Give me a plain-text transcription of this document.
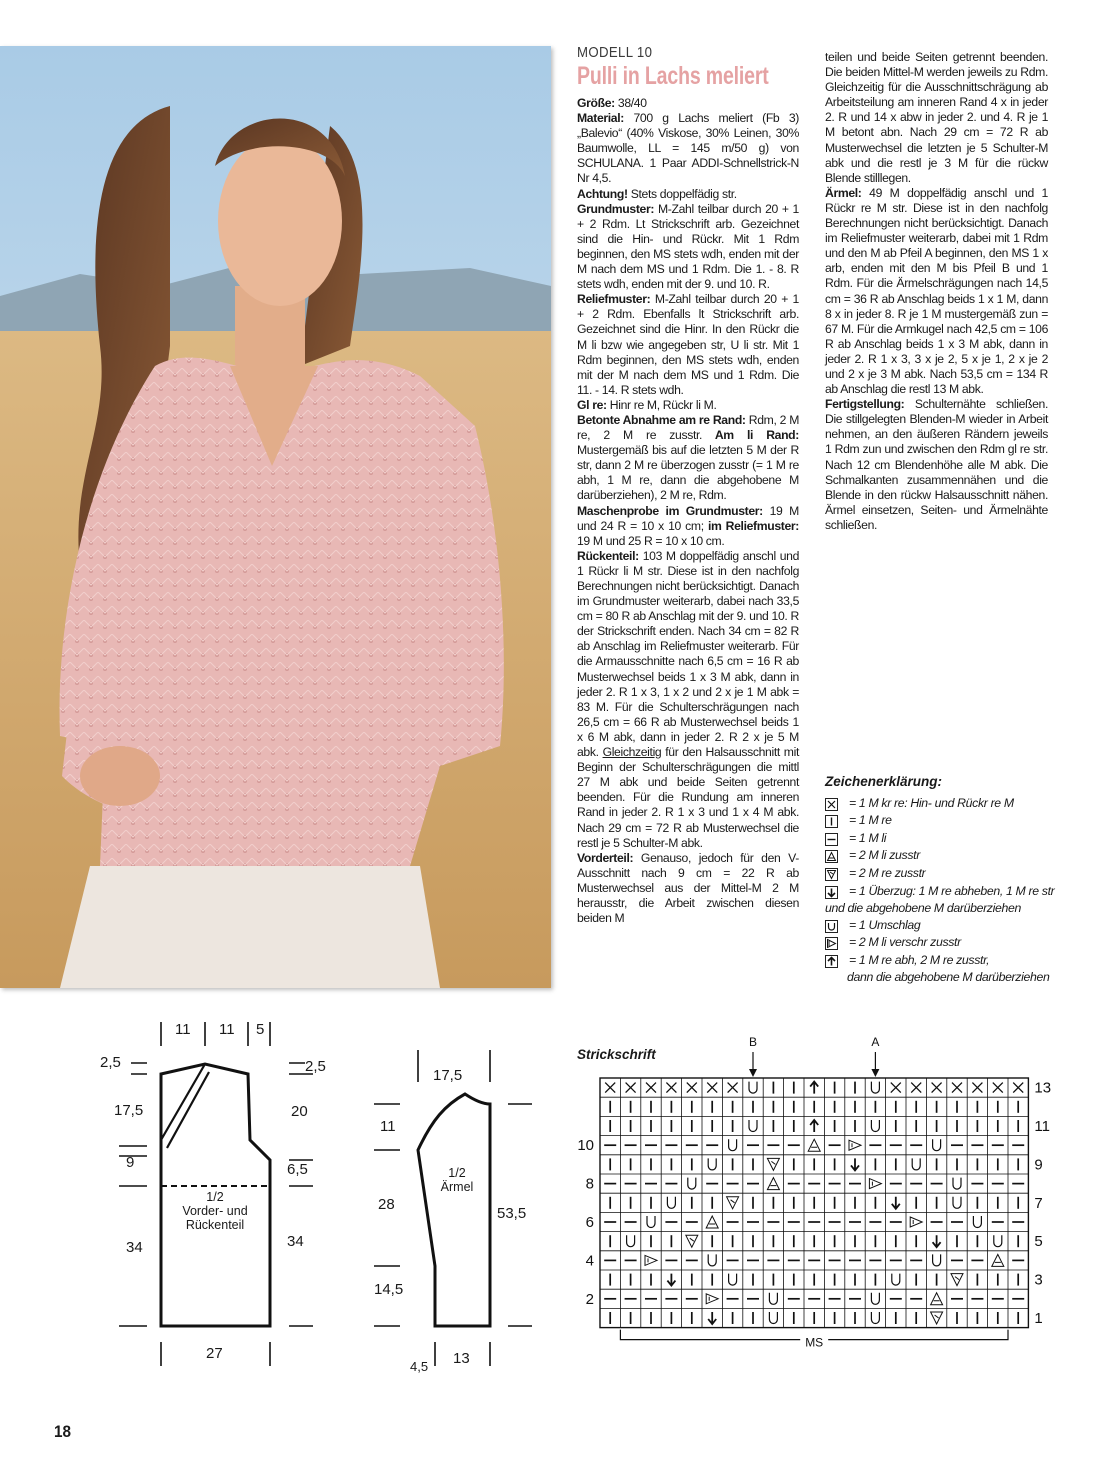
MODELL 10
Pulli in Lachs meliert

Größe: 38/40

Material: 700 g Lachs meliert (Fb 3) „Balevio“ (40% Viskose, 30% Leinen, 30% Baumwolle, LL = 145 m/50 g) von SCHULANA. 1 Paar ADDI-Schnellstrick-N Nr 4,5.

Achtung! Stets doppelfädig str.

Grundmuster: M-Zahl teilbar durch 20 + 1 + 2 Rdm. Lt Strickschrift arb. Gezeichnet sind die Hin- und Rückr. Mit 1 Rdm beginnen, den MS stets wdh, enden mit der M nach dem MS und 1 Rdm. Die 1. - 8. R stets wdh, enden mit der 9. und 10. R.

Reliefmuster: M-Zahl teilbar durch 20 + 1 + 2 Rdm. Ebenfalls lt Strickschrift arb. Gezeichnet sind die Hinr. In den Rückr die M li bzw wie angegeben str, U li str. Mit 1 Rdm beginnen, den MS stets wdh, enden mit der M nach dem MS und 1 Rdm. Die 11. - 14. R stets wdh.

Gl re: Hinr re M, Rückr li M.

Betonte Abnahme am re Rand: Rdm, 2 M re, 2 M re zusstr. Am li Rand: Mustergemäß bis auf die letzten 5 M der R str, dann 2 M re überzogen zusstr (= 1 M re abh, 1 M re, dann die abgehobene M darüberziehen), 2 M re, Rdm.

Maschenprobe im Grundmuster: 19 M und 24 R = 10 x 10 cm; im Reliefmuster: 19 M und 25 R = 10 x 10 cm.

Rückenteil: 103 M doppelfädig anschl und 1 Rückr li M str. Diese ist in den nachfolg Berechnungen nicht berücksichtigt. Danach im Grundmuster weiterarb, dabei nach 33,5 cm = 80 R ab Anschlag mit der 9. und 10. R der Strickschrift enden. Nach 34 cm = 82 R ab Anschlag im Reliefmuster weiterarb. Für die Armausschnitte nach 6,5 cm = 16 R ab Musterwechsel beids 1 x 3 M abk, dann in jeder 2. R 1 x 3, 1 x 2 und 2 x je 1 M abk = 83 M. Für die Schulterschrägungen nach 26,5 cm = 66 R ab Musterwechsel beids 1 x 6 M abk, dann in jeder 2. R 2 x je 5 M abk. Gleichzeitig für den Halsausschnitt mit Beginn der Schulterschrägungen die mittl 27 M abk und beide Seiten getrennt beenden. Für die Rundung am inneren Rand in jeder 2. R 1 x 3 und 1 x 4 M abk. Nach 29 cm = 72 R ab Musterwechsel die restl je 5 Schulter-M abk.

Vorderteil: Genauso, jedoch für den V-Ausschnitt nach 9 cm = 22 R ab Musterwechsel aus der Mittel-M 2 M herausstr, die Arbeit zwischen diesen beiden M

teilen und beide Seiten getrennt beenden. Die beiden Mittel-M werden jeweils zu Rdm. Gleichzeitig für die Ausschnittschrägung ab Arbeitsteilung am inneren Rand 4 x in jeder 2. R und 14 x abw in jeder 2. und 4. R je 1 M betont abn. Nach 29 cm = 72 R ab Musterwechsel die letzten je 5 Schulter-M abk und die restl je 3 M für die rückw Blende stilllegen.

Ärmel: 49 M doppelfädig anschl und 1 Rückr re M str. Diese ist in den nachfolg Berechnungen nicht berücksichtigt. Danach im Reliefmuster weiterarb, dabei mit 1 Rdm und den M ab Pfeil A beginnen, den MS 1 x arb, enden mit den M bis Pfeil B und 1 Rdm. Für die Ärmelschrägungen nach 14,5 cm = 36 R ab Anschlag beids 1 x 1 M, dann 8 x in jeder 8. R je 1 M mustergemäß zun = 67 M. Für die Armkugel nach 42,5 cm = 106 R ab Anschlag beids 1 x 3 M abk, dann in jeder 2. R 1 x 3, 3 x je 2, 5 x je 1, 2 x je 2 und 2 x je 3 M abk. Nach 53,5 cm = 134 R ab Anschlag die restl 13 M abk.

Fertigstellung: Schulternähte schließen. Die stillgelegten Blenden-M wieder in Arbeit nehmen, an den äußeren Rändern jeweils 1 Rdm zun und zwischen den Rdm gl re str. Nach 12 cm Blendenhöhe alle M abk. Die Schmalkanten zusammennähen und die Blende in den rückw Halsausschnitt nähen. Ärmel einsetzen, Seiten- und Ärmelnähte schließen.

Zeichenerklärung:
= 1 M kr re: Hin- und Rückr re M
= 1 M re
= 1 M li
= 2 M li zusstr
= 2 M re zusstr
= 1 Überzug: 1 M re abheben, 1 M re str und die abgehobene M darüberziehen
= 1 Umschlag
= 2 M li verschr zusstr
= 1 M re abh, 2 M re zusstr,
dann die abgehobene M darüberziehen
11 11 5
2,5
17,5
9
34
2,5
20
6,5
34
27
1/2
Vorder- und
Rückenteil
17,5
11
28
14,5
53,5
4,5 13
1/2
Ärmel
Strickschrift
13
11
9
7
5
3
1
10
8
6
4
2
B	A
MS
18
